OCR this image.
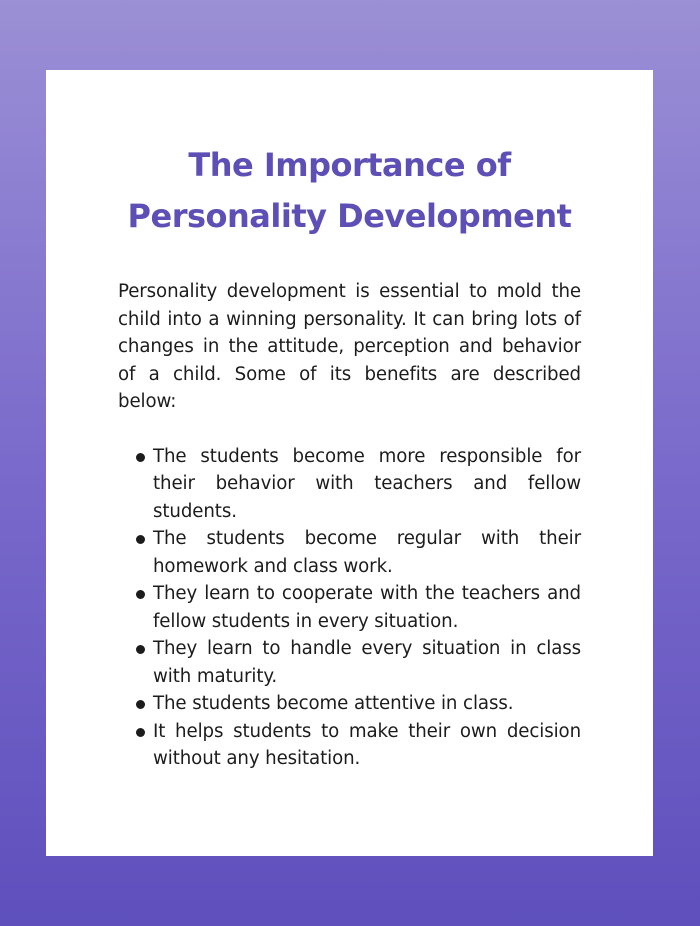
The Importance of Personality Development

Personality development is essential to mold the child into a winning personality. It can bring lots of changes in the attitude, perception and behavior of a child. Some of its benefits are described below:

The students become more responsible for their behavior with teachers and fellow students.
The students become regular with their homework and class work.
They learn to cooperate with the teachers and fellow students in every situation.
They learn to handle every situation in class with maturity.
The students become attentive in class.
It helps students to make their own decision without any hesitation.
